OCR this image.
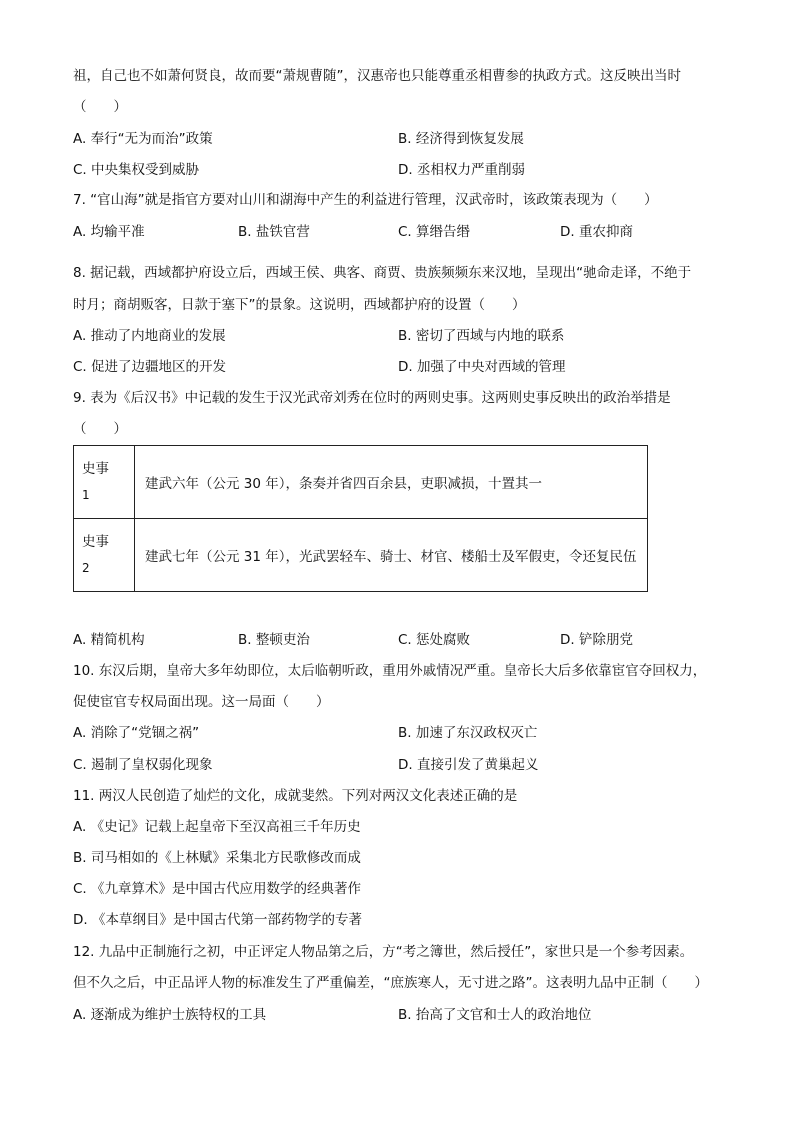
祖，自己也不如萧何贤良，故而要“萧规曹随”，汉惠帝也只能尊重丞相曹参的执政方式。这反映出当时
（　　）
A. 奉行“无为而治”政策	B. 经济得到恢复发展
C. 中央集权受到威胁	D. 丞相权力严重削弱
7. “官山海”就是指官方要对山川和湖海中产生的利益进行管理，汉武帝时，该政策表现为（　　）
A. 均输平准	B. 盐铁官营	C. 算缗告缗	D. 重农抑商
8. 据记载，西域都护府设立后，西域王侯、典客、商贾、贵族频频东来汉地，呈现出“驰命走译，不绝于
时月；商胡贩客，日款于塞下”的景象。这说明，西域都护府的设置（　　）
A. 推动了内地商业的发展	B. 密切了西域与内地的联系
C. 促进了边疆地区的开发	D. 加强了中央对西域的管理
9. 表为《后汉书》中记载的发生于汉光武帝刘秀在位时的两则史事。这两则史事反映出的政治举措是
（　　）
史事
1	建武六年（公元 30 年），条奏并省四百余县，吏职减损，十置其一

史事
2	建武七年（公元 31 年），光武罢轻车、骑士、材官、楼船士及军假吏，令还复民伍
A. 精简机构	B. 整顿吏治	C. 惩处腐败	D. 铲除朋党
10. 东汉后期，皇帝大多年幼即位，太后临朝听政，重用外戚情况严重。皇帝长大后多依靠宦官夺回权力，
促使宦官专权局面出现。这一局面（　　）
A. 消除了“党锢之祸”	B. 加速了东汉政权灭亡
C. 遏制了皇权弱化现象	D. 直接引发了黄巢起义
11. 两汉人民创造了灿烂的文化，成就斐然。下列对两汉文化表述正确的是
A. 《史记》记载上起皇帝下至汉高祖三千年历史
B. 司马相如的《上林赋》采集北方民歌修改而成
C. 《九章算术》是中国古代应用数学的经典著作
D. 《本草纲目》是中国古代第一部药物学的专著
12. 九品中正制施行之初，中正评定人物品第之后，方“考之簿世，然后授任”，家世只是一个参考因素。
但不久之后，中正品评人物的标准发生了严重偏差，“庶族寒人，无寸进之路”。这表明九品中正制（　　）
A. 逐渐成为维护士族特权的工具	B. 抬高了文官和士人的政治地位
